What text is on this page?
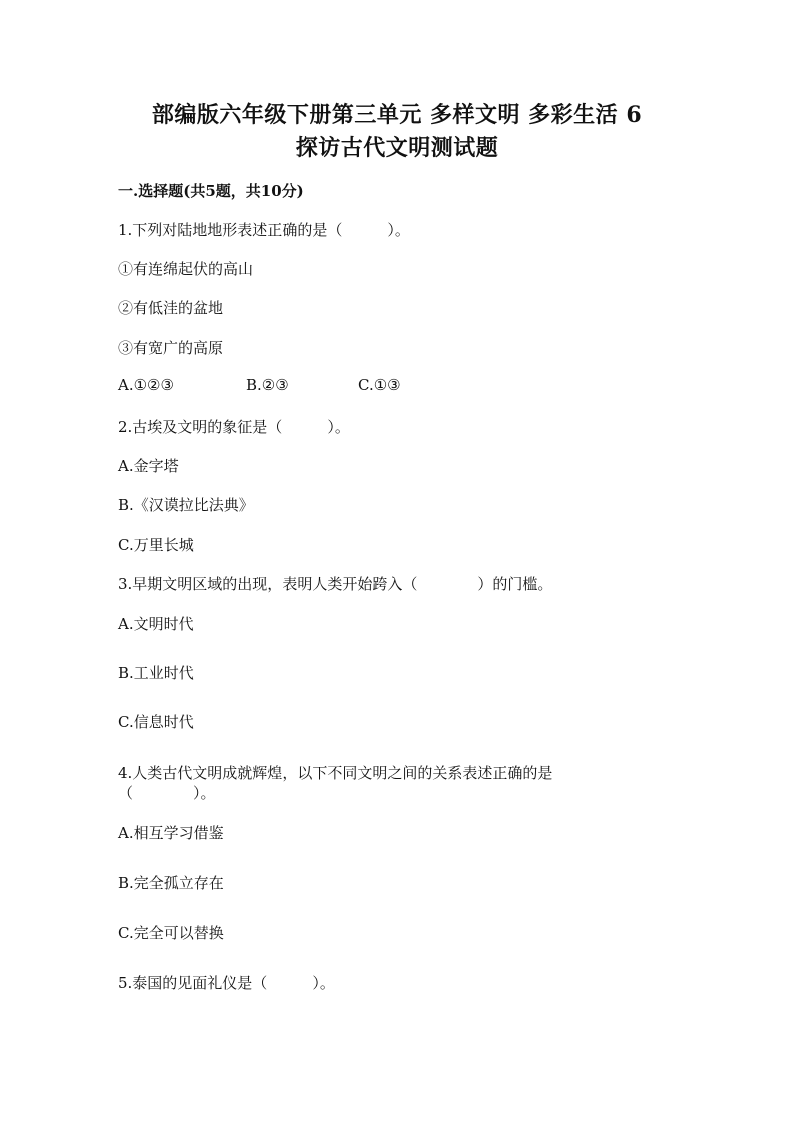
部编版六年级下册第三单元 多样文明 多彩生活 6
探访古代文明测试题
一.选择题(共5题，共10分)
1.下列对陆地地形表述正确的是（　　　）。
①有连绵起伏的高山
②有低洼的盆地
③有宽广的高原
A.①②③	B.②③	C.①③
2.古埃及文明的象征是（　　　）。
A.金字塔
B.《汉谟拉比法典》
C.万里长城
3.早期文明区域的出现，表明人类开始跨入（　　　　）的门槛。
A.文明时代
B.工业时代
C.信息时代
4.人类古代文明成就辉煌，以下不同文明之间的关系表述正确的是
（　　　　）。
A.相互学习借鉴
B.完全孤立存在
C.完全可以替换
5.泰国的见面礼仪是（　　　）。
